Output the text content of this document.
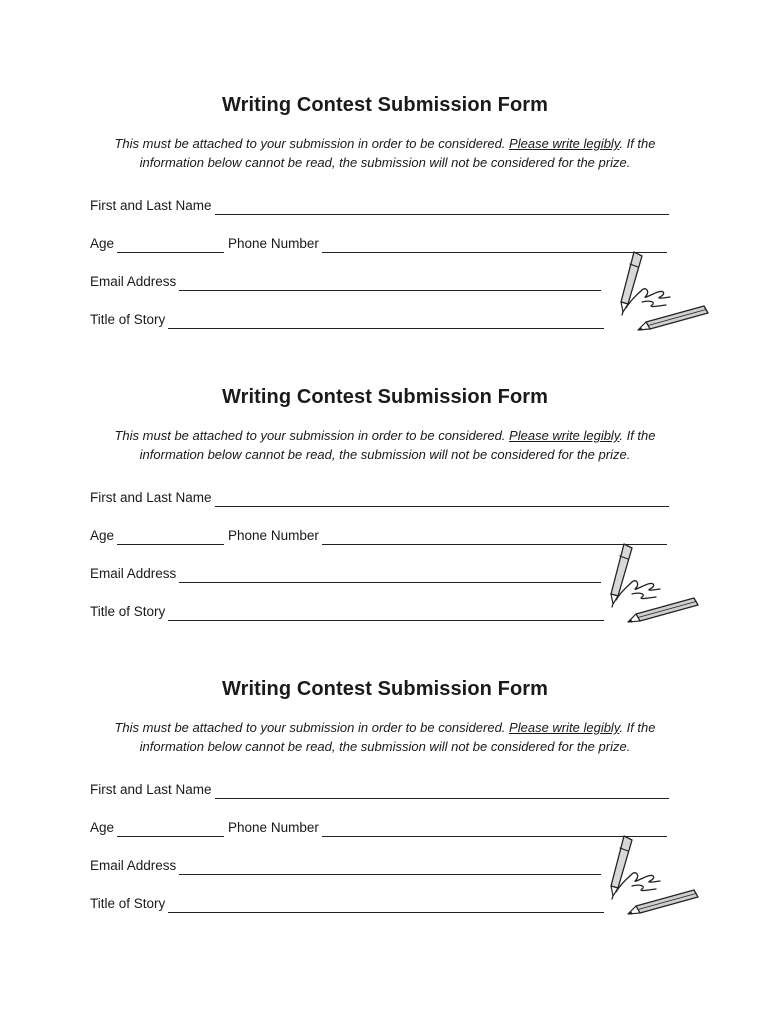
Writing Contest Submission Form
This must be attached to your submission in order to be considered. Please write legibly. If the information below cannot be read, the submission will not be considered for the prize.
First and Last Name
Age	Phone Number
Email Address
Title of Story
Writing Contest Submission Form
This must be attached to your submission in order to be considered. Please write legibly. If the information below cannot be read, the submission will not be considered for the prize.
First and Last Name
Age	Phone Number
Email Address
Title of Story
Writing Contest Submission Form
This must be attached to your submission in order to be considered. Please write legibly. If the information below cannot be read, the submission will not be considered for the prize.
First and Last Name
Age	Phone Number
Email Address
Title of Story
